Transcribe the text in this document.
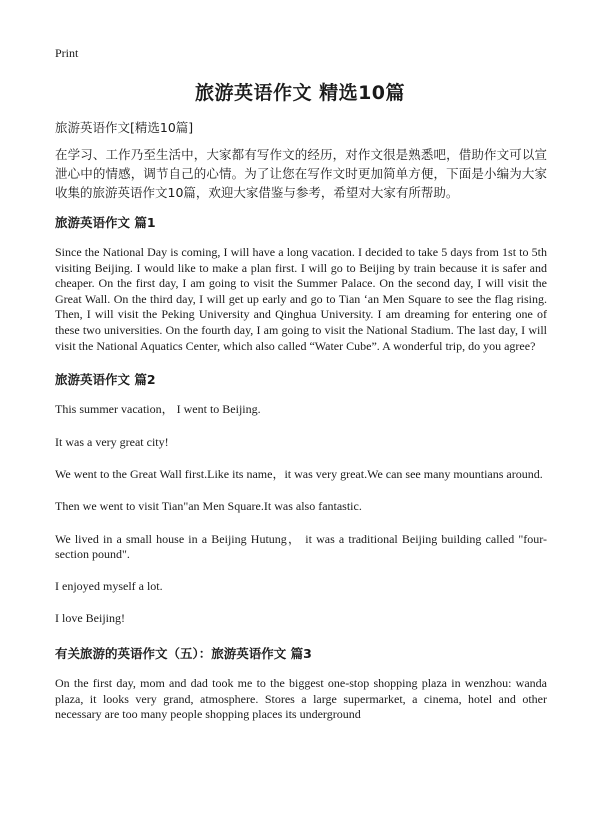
Print
旅游英语作文 精选10篇

旅游英语作文[精选10篇]

在学习、工作乃至生活中，大家都有写作文的经历，对作文很是熟悉吧，借助作文可以宣泄心中的情感，调节自己的心情。为了让您在写作文时更加简单方便，下面是小编为大家收集的旅游英语作文10篇，欢迎大家借鉴与参考，希望对大家有所帮助。

旅游英语作文 篇1

Since the National Day is coming, I will have a long vacation. I decided to take 5 days from 1st to 5th visiting Beijing. I would like to make a plan first. I will go to Beijing by train because it is safer and cheaper. On the first day, I am going to visit the Summer Palace. On the second day, I will visit the Great Wall. On the third day, I will get up early and go to Tian ‘an Men Square to see the flag rising. Then, I will visit the Peking University and Qinghua University. I am dreaming for entering one of these two universities. On the fourth day, I am going to visit the National Stadium. The last day, I will visit the National Aquatics Center, which also called “Water Cube”. A wonderful trip, do you agree?

旅游英语作文 篇2

This summer vacation， I went to Beijing.

It was a very great city!

We went to the Great Wall first.Like its name，it was very great.We can see many mountians around.

Then we went to visit Tian"an Men Square.It was also fantastic.

We lived in a small house in a Beijing Hutung， it was a traditional Beijing building called "four-section pound".

I enjoyed myself a lot.

I love Beijing!

有关旅游的英语作文（五）：旅游英语作文 篇3

On the first day, mom and dad took me to the biggest one-stop shopping plaza in wenzhou: wanda plaza, it looks very grand, atmosphere. Stores a large supermarket, a cinema, hotel and other necessary are too many people shopping places its underground
